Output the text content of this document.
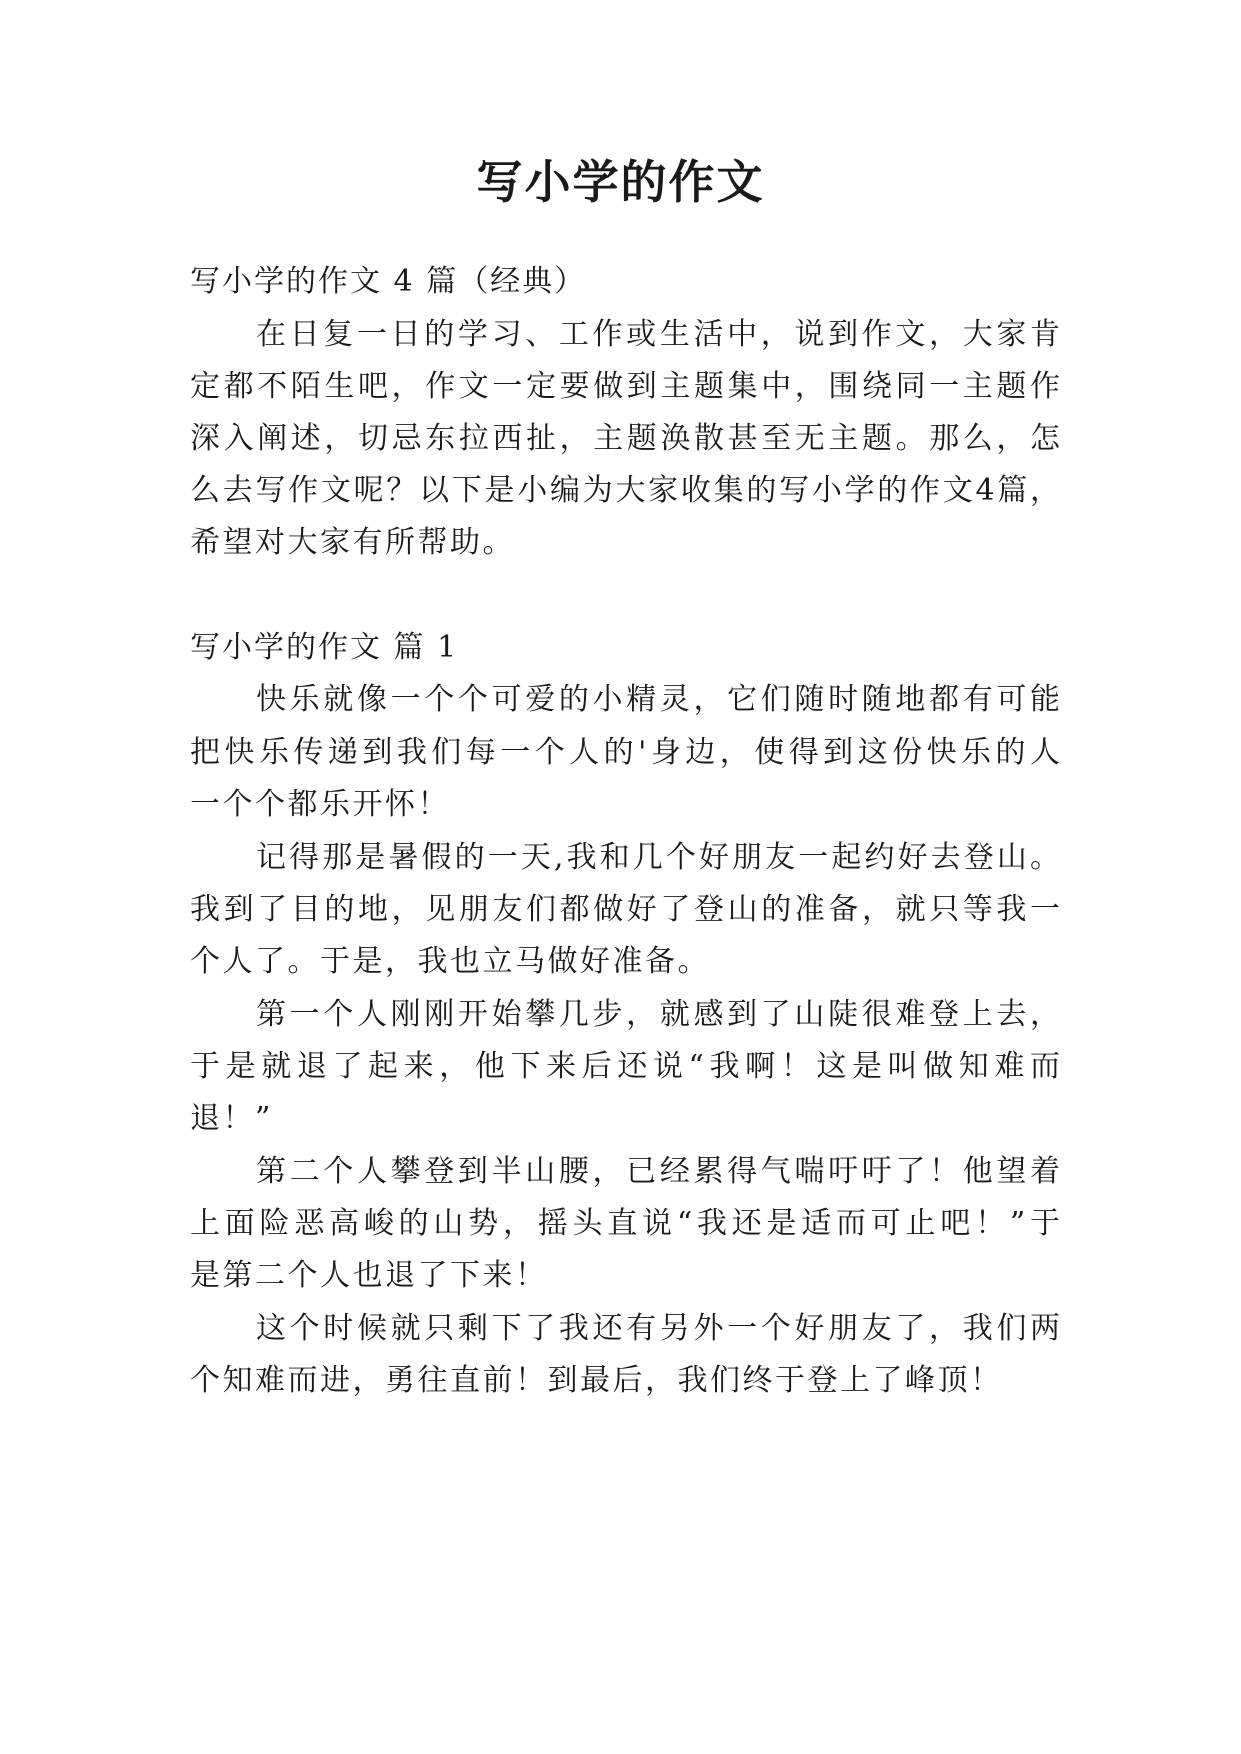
写小学的作文
写小学的作文 4 篇（经典）
在日复一日的学习、工作或生活中，说到作文，大家肯
定都不陌生吧，作文一定要做到主题集中，围绕同一主题作
深入阐述，切忌东拉西扯，主题涣散甚至无主题。那么，怎
么去写作文呢？以下是小编为大家收集的写小学的作文4篇，
希望对大家有所帮助。
写小学的作文 篇 1
快乐就像一个个可爱的小精灵，它们随时随地都有可能
把快乐传递到我们每一个人的'身边，使得到这份快乐的人
一个个都乐开怀！
记得那是暑假的一天,我和几个好朋友一起约好去登山。
我到了目的地，见朋友们都做好了登山的准备，就只等我一
个人了。于是，我也立马做好准备。
第一个人刚刚开始攀几步，就感到了山陡很难登上去，
于是就退了起来，他下来后还说“我啊！这是叫做知难而
退！”
第二个人攀登到半山腰，已经累得气喘吁吁了！他望着
上面险恶高峻的山势，摇头直说“我还是适而可止吧！”于
是第二个人也退了下来！
这个时候就只剩下了我还有另外一个好朋友了，我们两
个知难而进，勇往直前！到最后，我们终于登上了峰顶！
